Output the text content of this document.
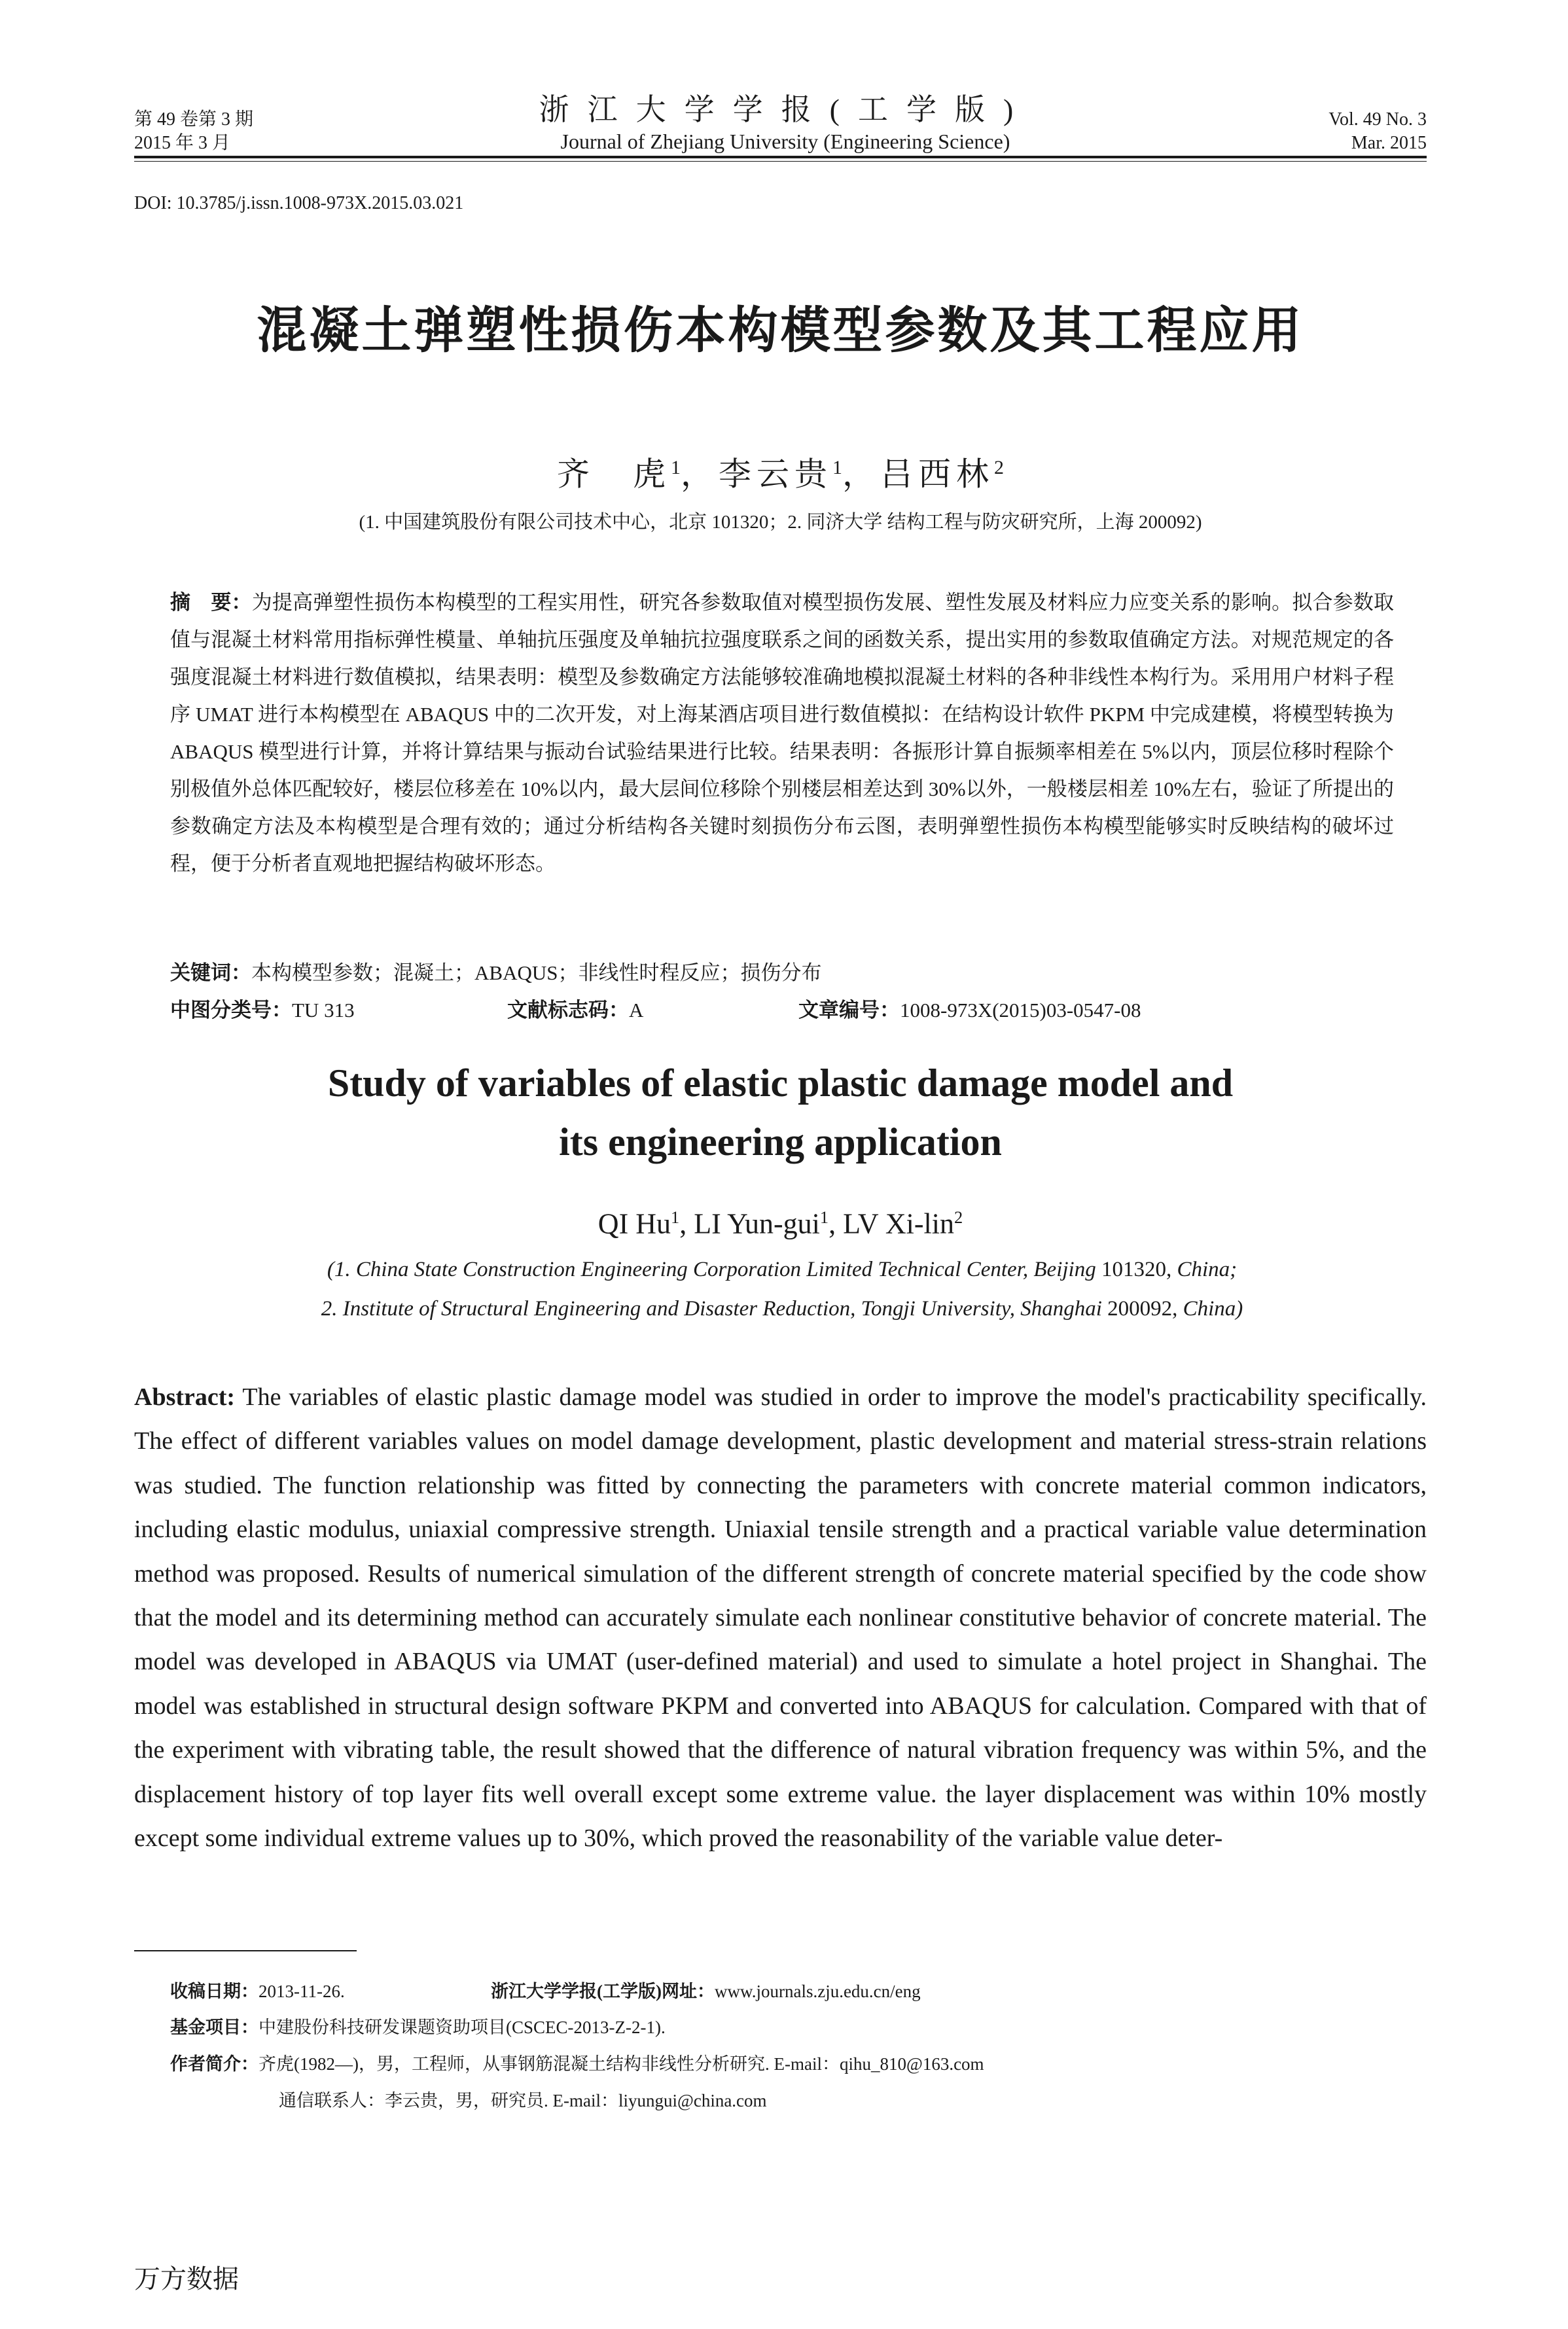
第 49 卷第 3 期
2015 年 3 月
浙江大学学报(工学版)
Journal of Zhejiang University (Engineering Science)
Vol. 49 No. 3
Mar. 2015
DOI: 10.3785/j.issn.1008-973X.2015.03.021
混凝土弹塑性损伤本构模型参数及其工程应用
齐　虎$^1$，李云贵$^1$，吕西林$^2$
(1. 中国建筑股份有限公司技术中心，北京 101320；2. 同济大学 结构工程与防灾研究所，上海 200092)
摘　要：为提高弹塑性损伤本构模型的工程实用性，研究各参数取值对模型损伤发展、塑性发展及材料应力应变关系的影响。拟合参数取值与混凝土材料常用指标弹性模量、单轴抗压强度及单轴抗拉强度联系之间的函数关系，提出实用的参数取值确定方法。对规范规定的各强度混凝土材料进行数值模拟，结果表明：模型及参数确定方法能够较准确地模拟混凝土材料的各种非线性本构行为。采用用户材料子程序 UMAT 进行本构模型在 ABAQUS 中的二次开发，对上海某酒店项目进行数值模拟：在结构设计软件 PKPM 中完成建模，将模型转换为 ABAQUS 模型进行计算，并将计算结果与振动台试验结果进行比较。结果表明：各振形计算自振频率相差在 5%以内，顶层位移时程除个别极值外总体匹配较好，楼层位移差在 10%以内，最大层间位移除个别楼层相差达到 30%以外，一般楼层相差 10%左右，验证了所提出的参数确定方法及本构模型是合理有效的；通过分析结构各关键时刻损伤分布云图，表明弹塑性损伤本构模型能够实时反映结构的破坏过程，便于分析者直观地把握结构破坏形态。
关键词：本构模型参数；混凝土；ABAQUS；非线性时程反应；损伤分布
中图分类号：TU 313	文献标志码：A	文章编号：1008-973X(2015)03-0547-08
Study of variables of elastic plastic damage model and
its engineering application
QI Hu$^1$, LI Yun-gui$^1$, LV Xi-lin$^2$
(1. China State Construction Engineering Corporation Limited Technical Center, Beijing 101320, China;
2. Institute of Structural Engineering and Disaster Reduction, Tongji University, Shanghai 200092, China)
Abstract: The variables of elastic plastic damage model was studied in order to improve the model's practicability specifically. The effect of different variables values on model damage development, plastic development and material stress-strain relations was studied. The function relationship was fitted by connecting the parameters with concrete material common indicators, including elastic modulus, uniaxial compressive strength. Uniaxial tensile strength and a practical variable value determination method was proposed. Results of numerical simulation of the different strength of concrete material specified by the code show that the model and its determining method can accurately simulate each nonlinear constitutive behavior of concrete material. The model was developed in ABAQUS via UMAT (user-defined material) and used to simulate a hotel project in Shanghai. The model was established in structural design software PKPM and converted into ABAQUS for calculation. Compared with that of the experiment with vibrating table, the result showed that the difference of natural vibration frequency was within 5%, and the displacement history of top layer fits well overall except some extreme value. the layer displacement was within 10% mostly except some individual extreme values up to 30%, which proved the reasonability of the variable value deter-
收稿日期：2013-11-26.	浙江大学学报(工学版)网址：www.journals.zju.edu.cn/eng
基金项目：中建股份科技研发课题资助项目(CSCEC-2013-Z-2-1).
作者简介：齐虎(1982—)，男，工程师，从事钢筋混凝土结构非线性分析研究. E-mail：qihu_810@163.com
通信联系人：李云贵，男，研究员. E-mail：liyungui@china.com
万方数据
